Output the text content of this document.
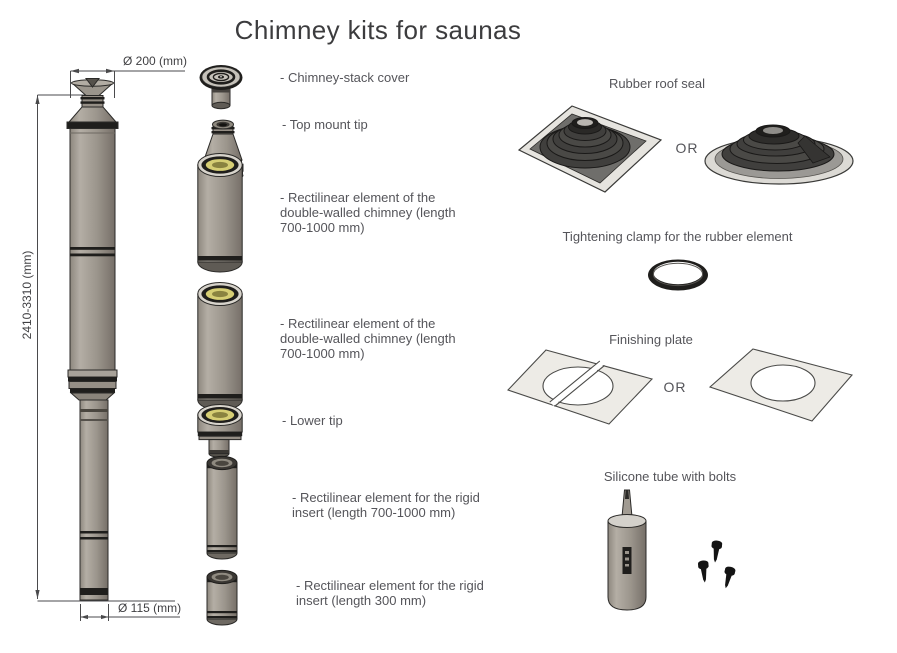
Chimney kits for saunas
Ø 200 (mm)
2410-3310 (mm)
Ø 115 (mm)
- Chimney-stack cover
- Top mount tip
- Rectilinear element of the double-walled chimney (length 700-1000 mm)
- Rectilinear element of the double-walled chimney (length 700-1000 mm)
- Lower tip
- Rectilinear element for the rigid insert (length 700-1000 mm)
- Rectilinear element for the rigid insert (length 300 mm)
Rubber roof seal
OR
Tightening clamp for the rubber element
Finishing plate
OR
Silicone tube with bolts
